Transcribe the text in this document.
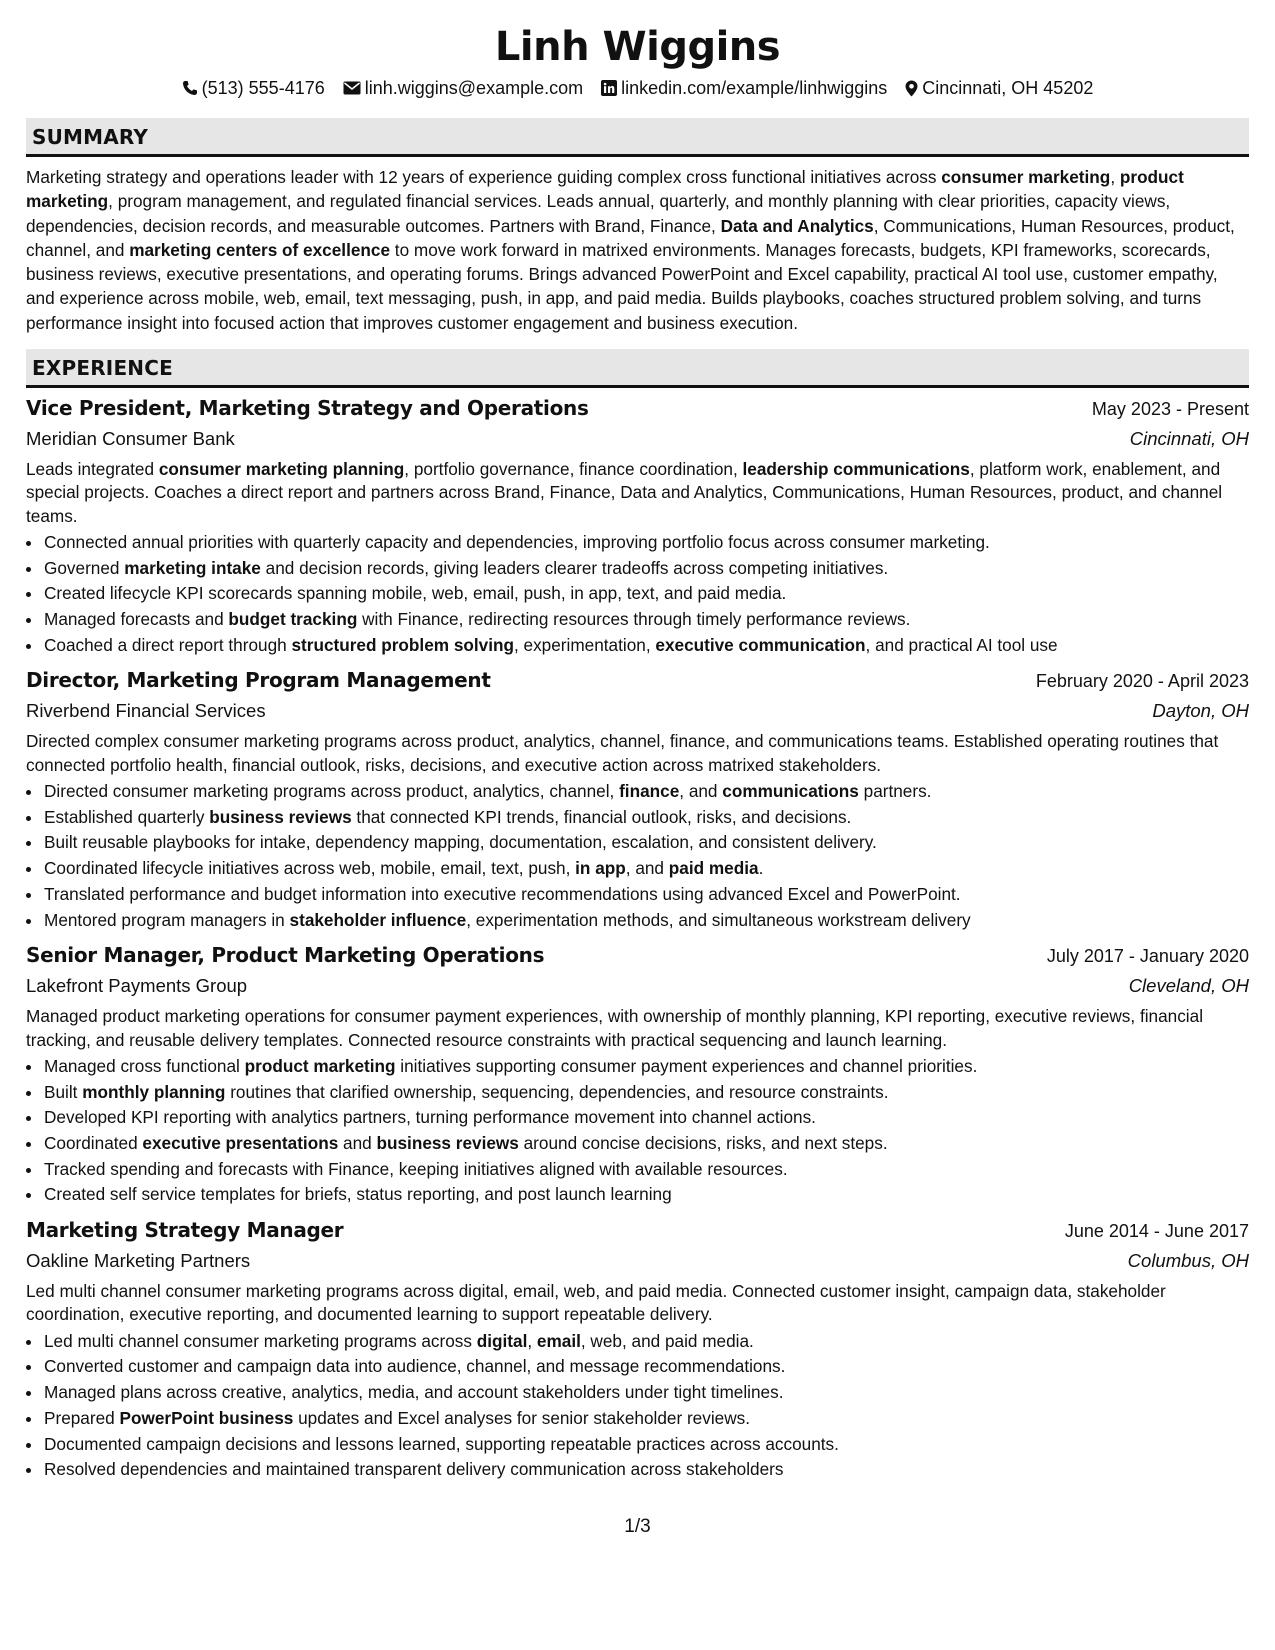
Linh Wiggins
(513) 555-4176 linh.wiggins@example.com linkedin.com/example/linhwiggins Cincinnati, OH 45202
SUMMARY
Marketing strategy and operations leader with 12 years of experience guiding complex cross functional initiatives across consumer marketing, product marketing, program management, and regulated financial services. Leads annual, quarterly, and monthly planning with clear priorities, capacity views, dependencies, decision records, and measurable outcomes. Partners with Brand, Finance, Data and Analytics, Communications, Human Resources, product, channel, and marketing centers of excellence to move work forward in matrixed environments. Manages forecasts, budgets, KPI frameworks, scorecards, business reviews, executive presentations, and operating forums. Brings advanced PowerPoint and Excel capability, practical AI tool use, customer empathy, and experience across mobile, web, email, text messaging, push, in app, and paid media. Builds playbooks, coaches structured problem solving, and turns performance insight into focused action that improves customer engagement and business execution.
EXPERIENCE
Vice President, Marketing Strategy and Operations	May 2023 - Present
Meridian Consumer Bank	Cincinnati, OH
Leads integrated consumer marketing planning, portfolio governance, finance coordination, leadership communications, platform work, enablement, and special projects. Coaches a direct report and partners across Brand, Finance, Data and Analytics, Communications, Human Resources, product, and channel teams.
• Connected annual priorities with quarterly capacity and dependencies, improving portfolio focus across consumer marketing.
• Governed marketing intake and decision records, giving leaders clearer tradeoffs across competing initiatives.
• Created lifecycle KPI scorecards spanning mobile, web, email, push, in app, text, and paid media.
• Managed forecasts and budget tracking with Finance, redirecting resources through timely performance reviews.
• Coached a direct report through structured problem solving, experimentation, executive communication, and practical AI tool use
Director, Marketing Program Management	February 2020 - April 2023
Riverbend Financial Services	Dayton, OH
Directed complex consumer marketing programs across product, analytics, channel, finance, and communications teams. Established operating routines that connected portfolio health, financial outlook, risks, decisions, and executive action across matrixed stakeholders.
• Directed consumer marketing programs across product, analytics, channel, finance, and communications partners.
• Established quarterly business reviews that connected KPI trends, financial outlook, risks, and decisions.
• Built reusable playbooks for intake, dependency mapping, documentation, escalation, and consistent delivery.
• Coordinated lifecycle initiatives across web, mobile, email, text, push, in app, and paid media.
• Translated performance and budget information into executive recommendations using advanced Excel and PowerPoint.
• Mentored program managers in stakeholder influence, experimentation methods, and simultaneous workstream delivery
Senior Manager, Product Marketing Operations	July 2017 - January 2020
Lakefront Payments Group	Cleveland, OH
Managed product marketing operations for consumer payment experiences, with ownership of monthly planning, KPI reporting, executive reviews, financial tracking, and reusable delivery templates. Connected resource constraints with practical sequencing and launch learning.
• Managed cross functional product marketing initiatives supporting consumer payment experiences and channel priorities.
• Built monthly planning routines that clarified ownership, sequencing, dependencies, and resource constraints.
• Developed KPI reporting with analytics partners, turning performance movement into channel actions.
• Coordinated executive presentations and business reviews around concise decisions, risks, and next steps.
• Tracked spending and forecasts with Finance, keeping initiatives aligned with available resources.
• Created self service templates for briefs, status reporting, and post launch learning
Marketing Strategy Manager	June 2014 - June 2017
Oakline Marketing Partners	Columbus, OH
Led multi channel consumer marketing programs across digital, email, web, and paid media. Connected customer insight, campaign data, stakeholder coordination, executive reporting, and documented learning to support repeatable delivery.
• Led multi channel consumer marketing programs across digital, email, web, and paid media.
• Converted customer and campaign data into audience, channel, and message recommendations.
• Managed plans across creative, analytics, media, and account stakeholders under tight timelines.
• Prepared PowerPoint business updates and Excel analyses for senior stakeholder reviews.
• Documented campaign decisions and lessons learned, supporting repeatable practices across accounts.
• Resolved dependencies and maintained transparent delivery communication across stakeholders
1/3
